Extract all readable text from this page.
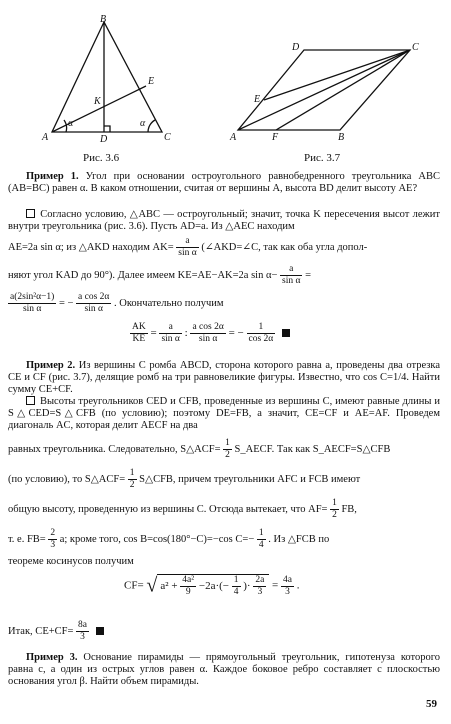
B
A	C
D
E
K
α	α
Рис. 3.6
C
E
A	F	B
D
Рис. 3.7
Пример 1. Угол при основании остроугольного равнобедренного треугольника ABC (AB=BC) равен α. В каком отношении, считая от вершины A, высота BD делит высоту AE?
Согласно условию, △ABC — остроугольный; значит, точка K пересечения высот лежит внутри треугольника (рис. 3.6). Пусть AD=a. Из △AEC находим
AE=2a sin α; из △AKD находим $AK= \frac{a}{\text{sin α}}$ (∠AKD=∠C, так как оба угла допол-
няют угол KAD до 90°). Далее имеем KE=AE−AK=2a $\sin \alpha- \frac{a}{\text{sin α}}$ =
$\frac{\text{a(2sin²α−1)}}{\text{sin α}}$ = − $\frac{\text{a cos 2α}}{\text{sin α}}$ . Окончательно получим
$\frac{AK}{KE} = \frac{a}{\text{sin α}}$ : $\frac{\text{a cos 2α}}{\text{sin α}}$ = − $\frac{1}{\cos 2\alpha}$

Пример 2. Из вершины C ромба ABCD, сторона которого равна a, проведены два отрезка CE и CF (рис. 3.7), делящие ромб на три равновеликие фигуры. Известно, что cos C=1/4. Найти сумму CE+CF.
Высоты треугольников CED и CFB, проведенные из вершины C, имеют равные длины и S△CED=S△CFB (по условию); поэтому DE=FB, а значит, CE=CF и AE=AF. Проведем диагональ AC, которая делит AECF на два
равных треугольника. Следовательно, S△ACF= $\frac{1}{2}$ S_AECF. Так как S_AECF=S△CFB
(по условию), то S△ACF= $\frac{1}{2}$ S△CFB, причем треугольники AFC и FCB имеют
общую высоту, проведенную из вершины C. Отсюда вытекает, что $AF= \frac{1}{2}$ FB,
т. е. $FB= \frac{2}{3} a$; кроме того, cos B=cos(180°−C)=−cos $C=- \frac{1}{4}$ . Из △FCB по
теореме косинусов получим
CF= √ $a^2 + \frac{\text{4a²}}{9} -2a\cdot(- \frac{1}{4}$ )· $\frac{2a}{3} = \frac{4a}{3}$ .
Итак, $CE+CF= \frac{8a}{3}$

Пример 3. Основание пирамиды — прямоугольный треугольник, гипотенуза которого равна c, а один из острых углов равен α. Каждое боковое ребро составляет с плоскостью основания угол β. Найти объем пирамиды.
59
